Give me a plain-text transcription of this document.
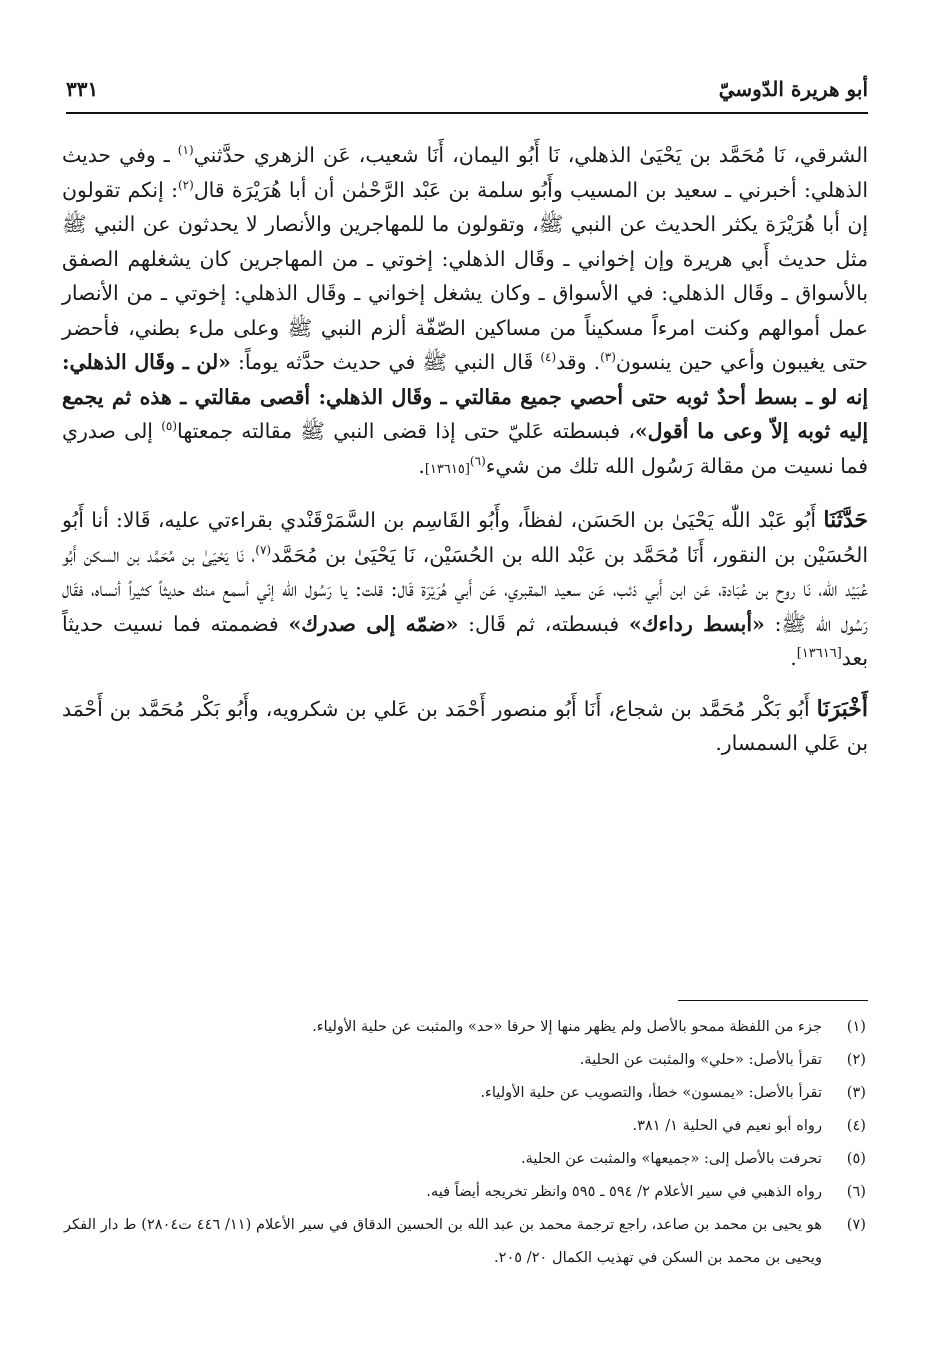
أبو هريرة الدّوسيّ
٣٣١

الشرقي، نَا مُحَمَّد بن يَحْيَىٰ الذهلي، نَا أَبُو اليمان، أَنَا شعيب، عَن الزهري حدَّثني$^{(١)}$ ـ وفي حديث الذهلي: أخبرني ـ سعيد بن المسيب وأَبُو سلمة بن عَبْد الرَّحْمٰن أن أبا هُرَيْرَة قال$^{(٢)}$: إنكم تقولون إن أبا هُرَيْرَة يكثر الحديث عن النبي ﷺ، وتقولون ما للمهاجرين والأنصار لا يحدثون عن النبي ﷺ مثل حديث أَبي هريرة وإن إخواني ـ وقَال الذهلي: إخوتي ـ من المهاجرين كان يشغلهم الصفق بالأسواق ـ وقَال الذهلي: في الأسواق ـ وكان يشغل إخواني ـ وقَال الذهلي: إخوتي ـ من الأنصار عمل أموالهم وكنت امرءاً مسكيناً من مساكين الصّفّة ألزم النبي ﷺ وعلى ملء بطني، فأحضر حتى يغيبون وأعي حين ينسون$^{(٣)}$. وقد$^{(٤)}$ قَال النبي ﷺ في حديث حدَّثه يوماً: «لن ـ وقَال الذهلي: إنه لو ـ بسط أحدٌ ثوبه حتى أحصي جميع مقالتي ـ وقَال الذهلي: أقصى مقالتي ـ هذه ثم يجمع إليه ثوبه إلاّ وعى ما أقول»، فبسطته عَليّ حتى إذا قضى النبي ﷺ مقالته جمعتها$^{(٥)}$ إلى صدري فما نسيت من مقالة رَسُول الله تلك من شيء$^{(٦)}$[١٣٦١٥].

حَدَّثَنَا أَبُو عَبْد اللّٰه يَحْيَىٰ بن الحَسَن، لفظاً، وأَبُو القَاسِم بن السَّمَرْقَنْدي بقراءتي عليه، قَالا: أنا أَبُو الحُسَيْن بن النقور، أَنَا مُحَمَّد بن عَبْد الله بن الحُسَيْن، نَا يَحْيَىٰ بن مُحَمَّد$^{(٧)}$، نَا يَحْيَىٰ بن مُحَمَّد بن السكن أَبُو عُبَيْد الله، نَا روح بن عُبَادة، عَن ابن أَبي ذئب، عَن سعيد المقبري، عَن أَبي هُرَيْرَة قَال: قلت: يا رَسُول الله إنّي أسمع منك حديثاً كثيراً أنساه، فقَال رَسُول الله ﷺ: «أبسط رداءك» فبسطته، ثم قَال: «ضمّه إلى صدرك» فضممته فما نسيت حديثاً بعد[١٣٦١٦].

أَخْبَرَنَا أَبُو بَكْر مُحَمَّد بن شجاع، أَنَا أَبُو منصور أَحْمَد بن عَلي بن شكرويه، وأَبُو بَكْر مُحَمَّد بن أَحْمَد بن عَلي السمسار.

(١)
جزء من اللفظة ممحو بالأصل ولم يظهر منها إلا حرفا «حد» والمثبت عن حلية الأولياء.
(٢)
تقرأ بالأصل: «حلي» والمثبت عن الحلية.
(٣)
تقرأ بالأصل: «يمسون» خطأ، والتصويب عن حلية الأولياء.
(٤)
رواه أبو نعيم في الحلية ١/ ٣٨١.
(٥)
تحرفت بالأصل إلى: «جميعها» والمثبت عن الحلية.
(٦)
رواه الذهبي في سير الأعلام ٢/ ٥٩٤ ـ ٥٩٥ وانظر تخريجه أيضاً فيه.
(٧)
هو يحيى بن محمد بن صاعد، راجع ترجمة محمد بن عبد الله بن الحسين الدقاق في سير الأعلام (١١/ ٤٤٦ ت٢٨٠٤) ط دار الفكر ويحيى بن محمد بن السكن في تهذيب الكمال ٢٠/ ٢٠٥.
